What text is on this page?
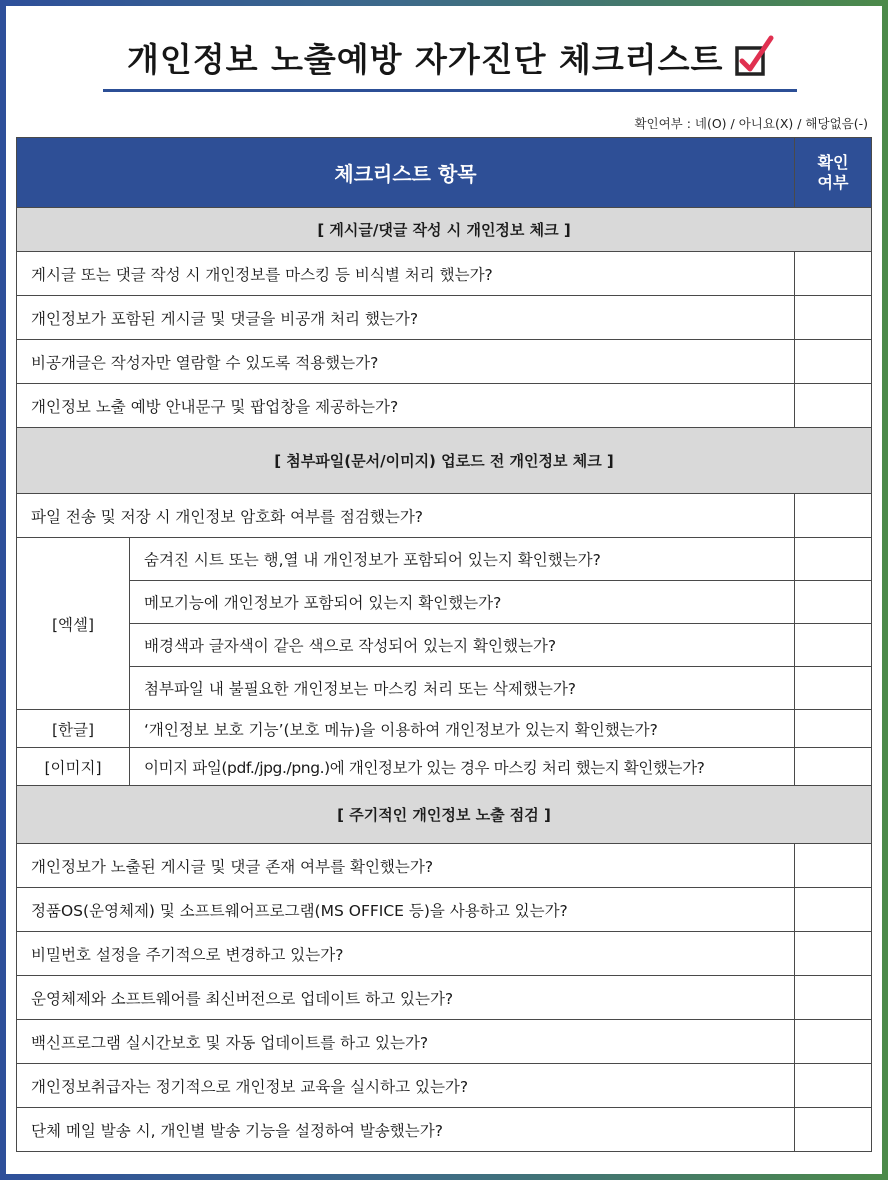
개인정보 노출예방 자가진단 체크리스트
확인여부 : 네(O) / 아니요(X) / 해당없음(-)
체크리스트 항목		확인
여부

[ 게시글/댓글 작성 시 개인정보 체크 ]		
게시글 또는 댓글 작성 시 개인정보를 마스킹 등 비식별 처리 했는가?		
개인정보가 포함된 게시글 및 댓글을 비공개 처리 했는가?		
비공개글은 작성자만 열람할 수 있도록 적용했는가?		
개인정보 노출 예방 안내문구 및 팝업창을 제공하는가?		
[ 첨부파일(문서/이미지) 업로드 전 개인정보 체크 ]		
파일 전송 및 저장 시 개인정보 암호화 여부를 점검했는가?		
[엑셀]	숨겨진 시트 또는 행,열 내 개인정보가 포함되어 있는지 확인했는가?	
	메모기능에 개인정보가 포함되어 있는지 확인했는가?	
	배경색과 글자색이 같은 색으로 작성되어 있는지 확인했는가?	
	첨부파일 내 불필요한 개인정보는 마스킹 처리 또는 삭제했는가?	
[한글]	‘개인정보 보호 기능’(보호 메뉴)을 이용하여 개인정보가 있는지 확인했는가?	
[이미지]	이미지 파일(pdf./jpg./png.)에 개인정보가 있는 경우 마스킹 처리 했는지 확인했는가?	
[ 주기적인 개인정보 노출 점검 ]		
개인정보가 노출된 게시글 및 댓글 존재 여부를 확인했는가?		
정품OS(운영체제) 및 소프트웨어프로그램(MS OFFICE 등)을 사용하고 있는가?		
비밀번호 설정을 주기적으로 변경하고 있는가?		
운영체제와 소프트웨어를 최신버전으로 업데이트 하고 있는가?		
백신프로그램 실시간보호 및 자동 업데이트를 하고 있는가?		
개인정보취급자는 정기적으로 개인정보 교육을 실시하고 있는가?		
단체 메일 발송 시, 개인별 발송 기능을 설정하여 발송했는가?		
